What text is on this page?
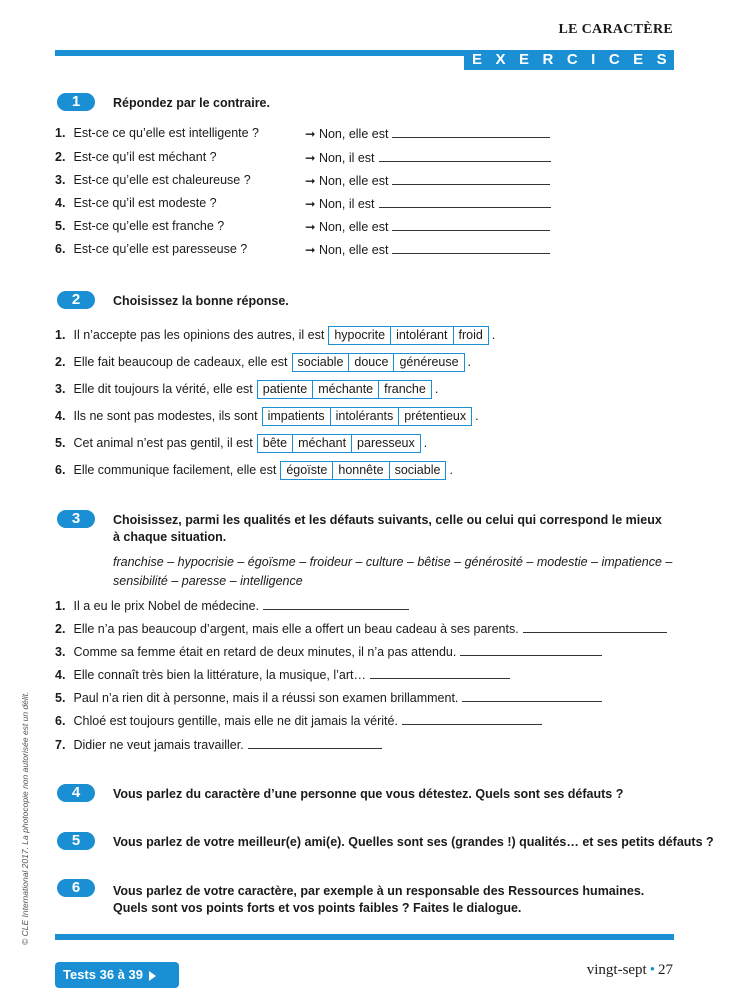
LE CARACTÈRE
EXERCICES
1	Répondez par le contraire.
1. Est-ce ce qu’elle est intelligente ?	➞ Non, elle est
2. Est-ce qu’il est méchant ?	➞ Non, il est
3. Est-ce qu’elle est chaleureuse ?	➞ Non, elle est
4. Est-ce qu’il est modeste ?	➞ Non, il est
5. Est-ce qu’elle est franche ?	➞ Non, elle est
6. Est-ce qu’elle est paresseuse ?	➞ Non, elle est
2	Choisissez la bonne réponse.
1. Il n’accepte pas les opinions des autres, il est hypocrite intolérant froid .
2. Elle fait beaucoup de cadeaux, elle est sociable douce généreuse .
3. Elle dit toujours la vérité, elle est patiente méchante franche .
4. Ils ne sont pas modestes, ils sont impatients intolérants prétentieux .
5. Cet animal n’est pas gentil, il est bête méchant paresseux .
6. Elle communique facilement, elle est égoïste honnête sociable .
3	Choisissez, parmi les qualités et les défauts suivants, celle ou celui qui correspond le mieux
à chaque situation.
franchise – hypocrisie – égoïsme – froideur – culture – bêtise – générosité – modestie – impatience – sensibilité – paresse – intelligence
1. Il a eu le prix Nobel de médecine.
2. Elle n’a pas beaucoup d’argent, mais elle a offert un beau cadeau à ses parents.
3. Comme sa femme était en retard de deux minutes, il n’a pas attendu.
4. Elle connaît très bien la littérature, la musique, l’art…
5. Paul n’a rien dit à personne, mais il a réussi son examen brillamment.
6. Chloé est toujours gentille, mais elle ne dit jamais la vérité.
7. Didier ne veut jamais travailler.
4	Vous parlez du caractère d’une personne que vous détestez. Quels sont ses défauts ?
5	Vous parlez de votre meilleur(e) ami(e). Quelles sont ses (grandes !) qualités… et ses petits défauts ?
6	Vous parlez de votre caractère, par exemple à un responsable des Ressources humaines.
Quels sont vos points forts et vos points faibles ? Faites le dialogue.
Tests 36 à 39	vingt-sept • 27
© CLE International 2017. La photocopie non autorisée est un délit.
